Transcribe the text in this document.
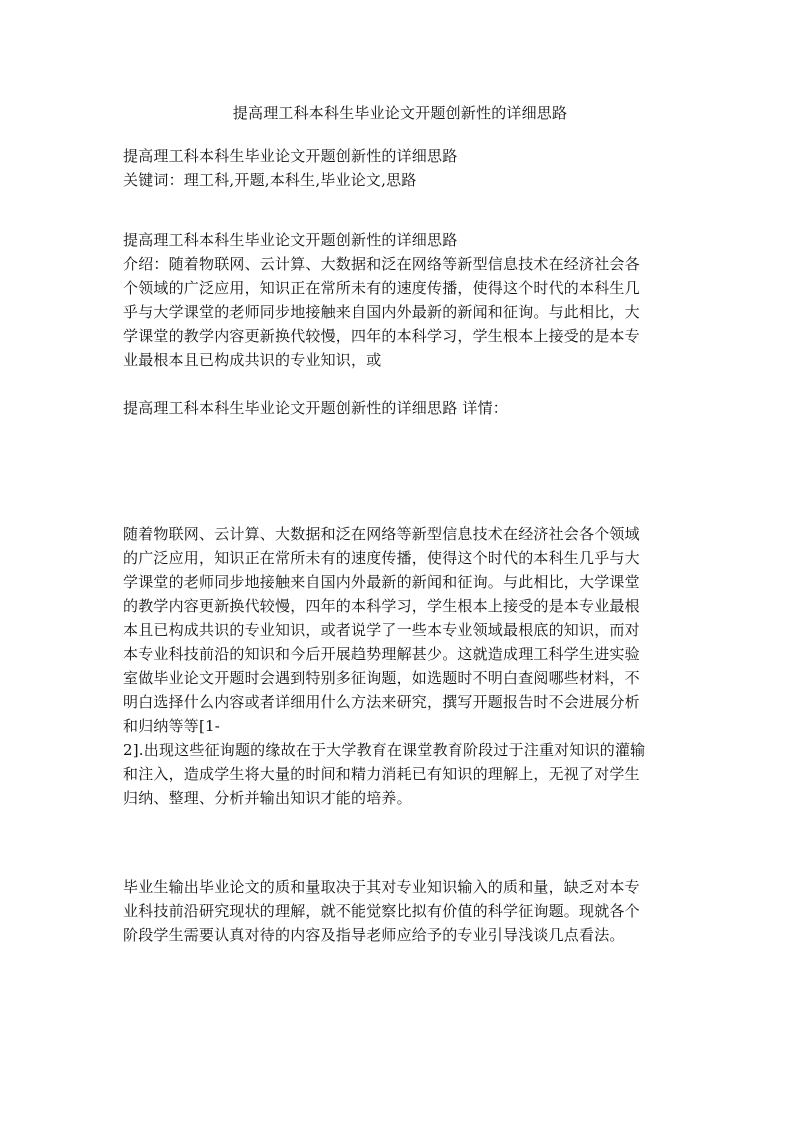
提高理工科本科生毕业论文开题创新性的详细思路
提高理工科本科生毕业论文开题创新性的详细思路
关键词：理工科,开题,本科生,毕业论文,思路
提高理工科本科生毕业论文开题创新性的详细思路
介绍：随着物联网、云计算、大数据和泛在网络等新型信息技术在经济社会各
个领域的广泛应用，知识正在常所未有的速度传播，使得这个时代的本科生几
乎与大学课堂的老师同步地接触来自国内外最新的新闻和征询。与此相比，大
学课堂的教学内容更新换代较慢，四年的本科学习，学生根本上接受的是本专
业最根本且已构成共识的专业知识，或
提高理工科本科生毕业论文开题创新性的详细思路 详情：
随着物联网、云计算、大数据和泛在网络等新型信息技术在经济社会各个领域
的广泛应用，知识正在常所未有的速度传播，使得这个时代的本科生几乎与大
学课堂的老师同步地接触来自国内外最新的新闻和征询。与此相比，大学课堂
的教学内容更新换代较慢，四年的本科学习，学生根本上接受的是本专业最根
本且已构成共识的专业知识，或者说学了一些本专业领域最根底的知识，而对
本专业科技前沿的知识和今后开展趋势理解甚少。这就造成理工科学生进实验
室做毕业论文开题时会遇到特别多征询题，如选题时不明白查阅哪些材料，不
明白选择什么内容或者详细用什么方法来研究，撰写开题报告时不会进展分析
和归纳等等[1-
2].出现这些征询题的缘故在于大学教育在课堂教育阶段过于注重对知识的灌输
和注入，造成学生将大量的时间和精力消耗已有知识的理解上，无视了对学生
归纳、整理、分析并输出知识才能的培养。
毕业生输出毕业论文的质和量取决于其对专业知识输入的质和量，缺乏对本专
业科技前沿研究现状的理解，就不能觉察比拟有价值的科学征询题。现就各个
阶段学生需要认真对待的内容及指导老师应给予的专业引导浅谈几点看法。
